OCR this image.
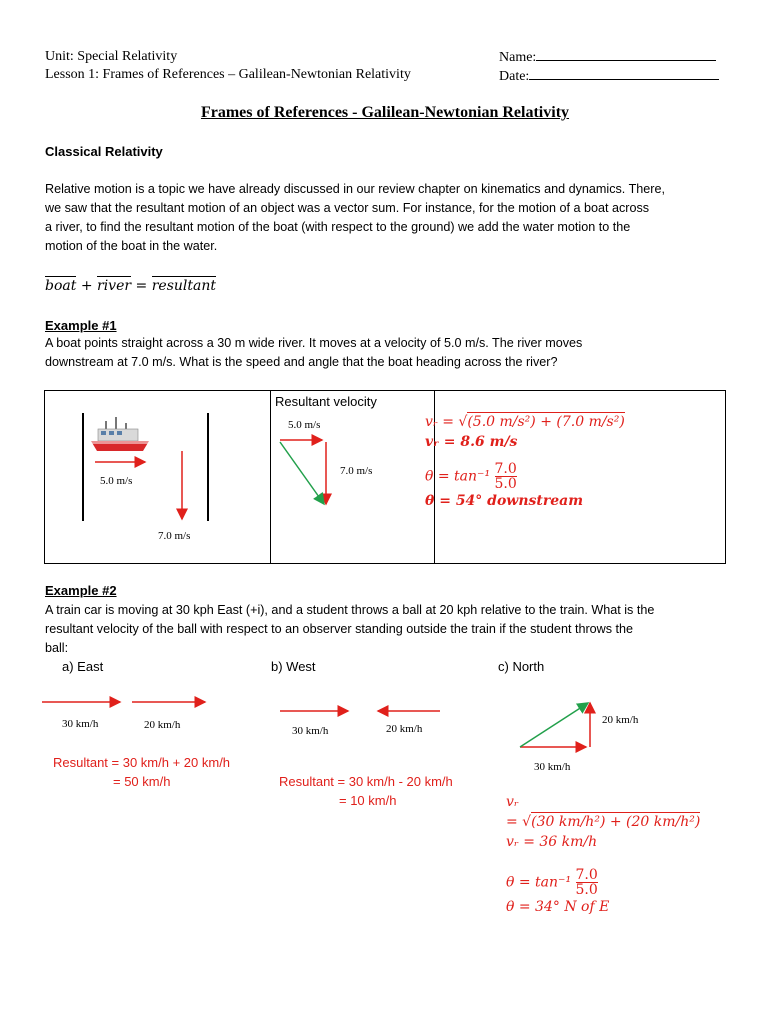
Unit: Special Relativity
Lesson 1: Frames of References – Galilean-Newtonian Relativity
Name:
Date:
Frames of References - Galilean-Newtonian Relativity
Classical Relativity
Relative motion is a topic we have already discussed in our review chapter on kinematics and dynamics. There,
we saw that the resultant motion of an object was a vector sum. For instance, for the motion of a boat across
a river, to find the resultant motion of the boat (with respect to the ground) we add the water motion to the
motion of the boat in the water.
boat + river = resultant
Example #1
A boat points straight across a 30 m wide river. It moves at a velocity of 5.0 m/s. The river moves
downstream at 7.0 m/s. What is the speed and angle that the boat heading across the river?
5.0 m/s
7.0 m/s
Resultant velocity
5.0 m/s
7.0 m/s
vᵣ = √(5.0 m/s²) + (7.0 m/s²)
vᵣ = 8.6 m/s
$\theta = \tan^{-1} \frac{7.0}{5.0}$
θ = 54° downstream
Example #2
A train car is moving at 30 kph East (+i), and a student throws a ball at 20 kph relative to the train. What is the
resultant velocity of the ball with respect to an observer standing outside the train if the student throws the
ball:
a) East
30 km/h	20 km/h
Resultant = 30 km/h + 20 km/h
= 50 km/h
b) West
30 km/h	20 km/h
Resultant = 30 km/h - 20 km/h
= 10 km/h
c) North
20 km/h
30 km/h
vᵣ
= √(30 km/h²) + (20 km/h²)
vᵣ = 36 km/h
$\theta = \tan^{-1} \frac{7.0}{5.0}$
θ = 34° N of E
